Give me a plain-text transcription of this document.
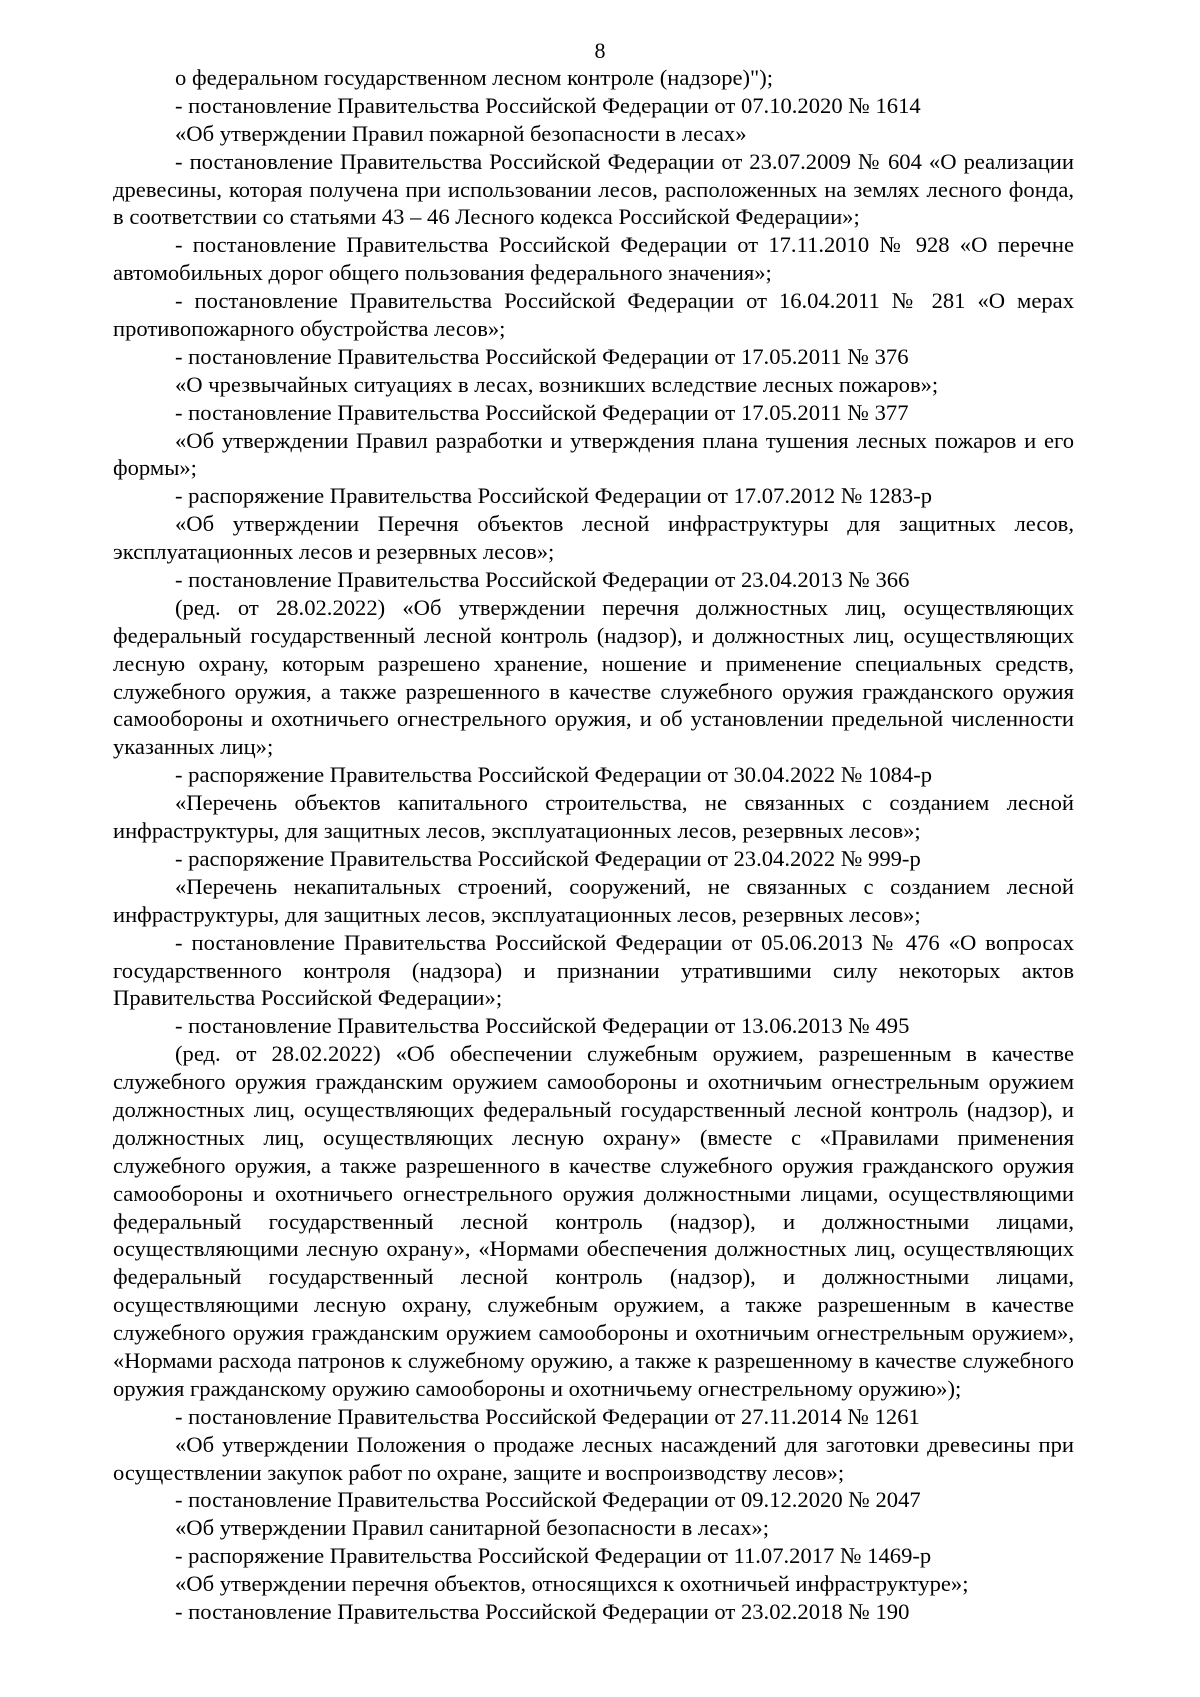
8
о федеральном государственном лесном контроле (надзоре)");
- постановление Правительства Российской Федерации от 07.10.2020 № 1614
«Об утверждении Правил пожарной безопасности в лесах»
- постановление Правительства Российской Федерации от 23.07.2009 № 604 «О реализации
древесины, которая получена при использовании лесов, расположенных на землях лесного фонда,
в соответствии со статьями 43 – 46 Лесного кодекса Российской Федерации»;
- постановление Правительства Российской Федерации от 17.11.2010 № 928 «О перечне
автомобильных дорог общего пользования федерального значения»;
- постановление Правительства Российской Федерации от 16.04.2011 № 281 «О мерах
противопожарного обустройства лесов»;
- постановление Правительства Российской Федерации от 17.05.2011 № 376
«О чрезвычайных ситуациях в лесах, возникших вследствие лесных пожаров»;
- постановление Правительства Российской Федерации от 17.05.2011 № 377
«Об утверждении Правил разработки и утверждения плана тушения лесных пожаров и его
формы»;
- распоряжение Правительства Российской Федерации от 17.07.2012 № 1283-р
«Об утверждении Перечня объектов лесной инфраструктуры для защитных лесов,
эксплуатационных лесов и резервных лесов»;
- постановление Правительства Российской Федерации от 23.04.2013 № 366
(ред. от 28.02.2022) «Об утверждении перечня должностных лиц, осуществляющих
федеральный государственный лесной контроль (надзор), и должностных лиц, осуществляющих
лесную охрану, которым разрешено хранение, ношение и применение специальных средств,
служебного оружия, а также разрешенного в качестве служебного оружия гражданского оружия
самообороны и охотничьего огнестрельного оружия, и об установлении предельной численности
указанных лиц»;
- распоряжение Правительства Российской Федерации от 30.04.2022 № 1084-р
«Перечень объектов капитального строительства, не связанных с созданием лесной
инфраструктуры, для защитных лесов, эксплуатационных лесов, резервных лесов»;
- распоряжение Правительства Российской Федерации от 23.04.2022 № 999-р
«Перечень некапитальных строений, сооружений, не связанных с созданием лесной
инфраструктуры, для защитных лесов, эксплуатационных лесов, резервных лесов»;
- постановление Правительства Российской Федерации от 05.06.2013 № 476 «О вопросах
государственного контроля (надзора) и признании утратившими силу некоторых актов
Правительства Российской Федерации»;
- постановление Правительства Российской Федерации от 13.06.2013 № 495
(ред. от 28.02.2022) «Об обеспечении служебным оружием, разрешенным в качестве
служебного оружия гражданским оружием самообороны и охотничьим огнестрельным оружием
должностных лиц, осуществляющих федеральный государственный лесной контроль (надзор), и
должностных лиц, осуществляющих лесную охрану» (вместе с «Правилами применения
служебного оружия, а также разрешенного в качестве служебного оружия гражданского оружия
самообороны и охотничьего огнестрельного оружия должностными лицами, осуществляющими
федеральный государственный лесной контроль (надзор), и должностными лицами,
осуществляющими лесную охрану», «Нормами обеспечения должностных лиц, осуществляющих
федеральный государственный лесной контроль (надзор), и должностными лицами,
осуществляющими лесную охрану, служебным оружием, а также разрешенным в качестве
служебного оружия гражданским оружием самообороны и охотничьим огнестрельным оружием»,
«Нормами расхода патронов к служебному оружию, а также к разрешенному в качестве служебного
оружия гражданскому оружию самообороны и охотничьему огнестрельному оружию»);
- постановление Правительства Российской Федерации от 27.11.2014 № 1261
«Об утверждении Положения о продаже лесных насаждений для заготовки древесины при
осуществлении закупок работ по охране, защите и воспроизводству лесов»;
- постановление Правительства Российской Федерации от 09.12.2020 № 2047
«Об утверждении Правил санитарной безопасности в лесах»;
- распоряжение Правительства Российской Федерации от 11.07.2017 № 1469-р
«Об утверждении перечня объектов, относящихся к охотничьей инфраструктуре»;
- постановление Правительства Российской Федерации от 23.02.2018 № 190
